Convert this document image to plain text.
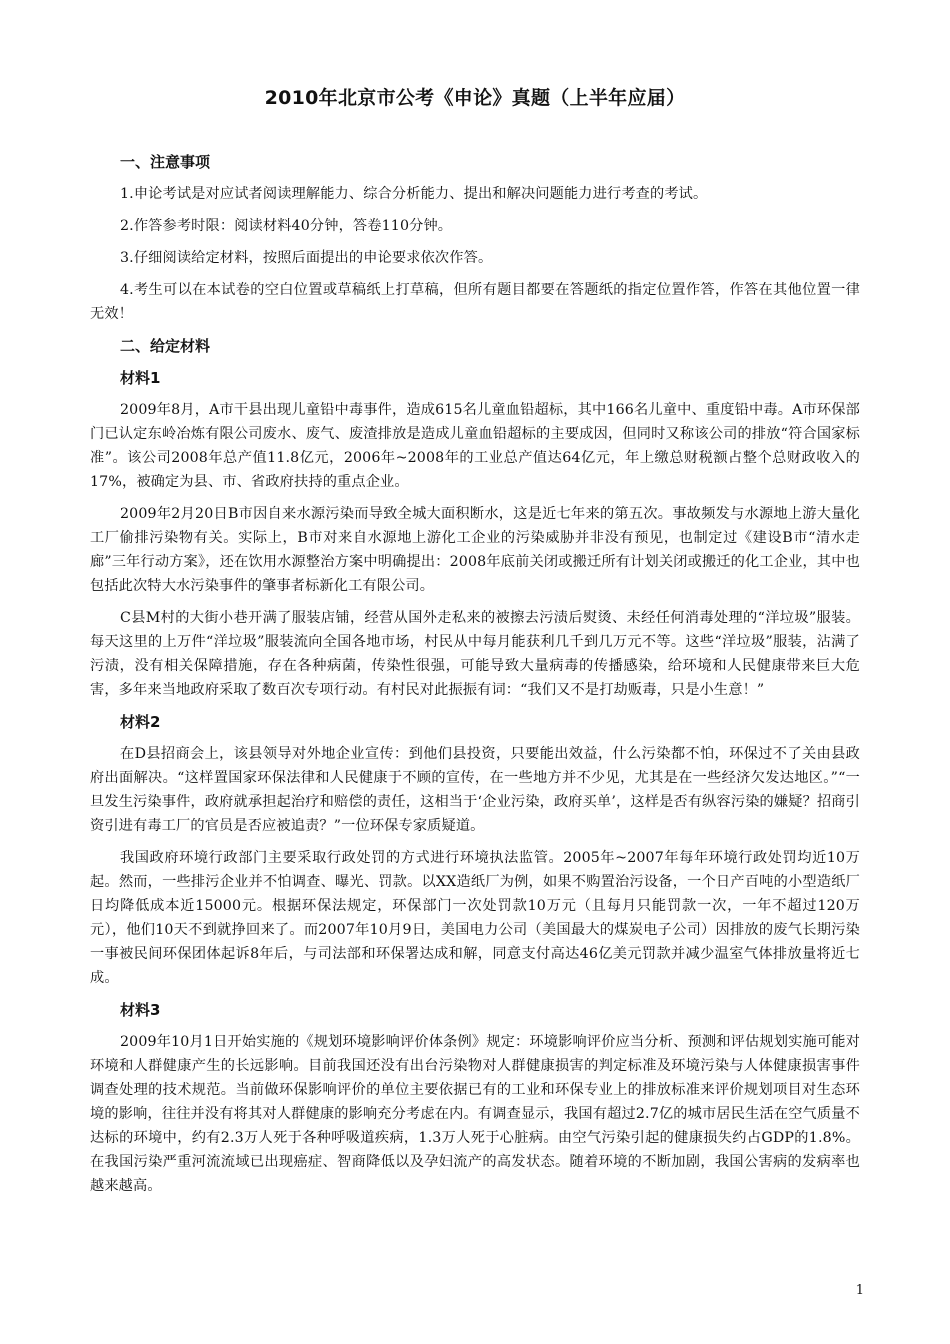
2010年北京市公考《申论》真题（上半年应届）
一、注意事项

1.申论考试是对应试者阅读理解能力、综合分析能力、提出和解决问题能力进行考查的考试。

2.作答参考时限：阅读材料40分钟，答卷110分钟。

3.仔细阅读给定材料，按照后面提出的申论要求依次作答。

4.考生可以在本试卷的空白位置或草稿纸上打草稿，但所有题目都要在答题纸的指定位置作答，作答在其他位置一律无效！

二、给定材料
材料1

2009年8月，A市干县出现儿童铅中毒事件，造成615名儿童血铅超标，其中166名儿童中、重度铅中毒。A市环保部门已认定东岭冶炼有限公司废水、废气、废渣排放是造成儿童血铅超标的主要成因，但同时又称该公司的排放“符合国家标准”。该公司2008年总产值11.8亿元，2006年~2008年的工业总产值达64亿元，年上缴总财税额占整个总财政收入的17%，被确定为县、市、省政府扶持的重点企业。

2009年2月20日B市因自来水源污染而导致全城大面积断水，这是近七年来的第五次。事故频发与水源地上游大量化工厂偷排污染物有关。实际上，B市对来自水源地上游化工企业的污染威胁并非没有预见，也制定过《建设B市“清水走廊”三年行动方案》，还在饮用水源整治方案中明确提出：2008年底前关闭或搬迁所有计划关闭或搬迁的化工企业，其中也包括此次特大水污染事件的肇事者标新化工有限公司。

C县M村的大街小巷开满了服装店铺，经营从国外走私来的被擦去污渍后熨烫、未经任何消毒处理的“洋垃圾”服装。每天这里的上万件“洋垃圾”服装流向全国各地市场，村民从中每月能获利几千到几万元不等。这些“洋垃圾”服装，沾满了污渍，没有相关保障措施，存在各种病菌，传染性很强，可能导致大量病毒的传播感染，给环境和人民健康带来巨大危害，多年来当地政府采取了数百次专项行动。有村民对此振振有词：“我们又不是打劫贩毒，只是小生意！”

材料2

在D县招商会上，该县领导对外地企业宣传：到他们县投资，只要能出效益，什么污染都不怕，环保过不了关由县政府出面解决。“这样置国家环保法律和人民健康于不顾的宣传，在一些地方并不少见，尤其是在一些经济欠发达地区。”“一旦发生污染事件，政府就承担起治疗和赔偿的责任，这相当于‘企业污染，政府买单’，这样是否有纵容污染的嫌疑？招商引资引进有毒工厂的官员是否应被追责？”一位环保专家质疑道。

我国政府环境行政部门主要采取行政处罚的方式进行环境执法监管。2005年~2007年每年环境行政处罚均近10万起。然而，一些排污企业并不怕调查、曝光、罚款。以XX造纸厂为例，如果不购置治污设备，一个日产百吨的小型造纸厂日均降低成本近15000元。根据环保法规定，环保部门一次处罚款10万元（且每月只能罚款一次，一年不超过120万元），他们10天不到就挣回来了。而2007年10月9日，美国电力公司（美国最大的煤炭电子公司）因排放的废气长期污染一事被民间环保团体起诉8年后，与司法部和环保署达成和解，同意支付高达46亿美元罚款并减少温室气体排放量将近七成。

材料3

2009年10月1日开始实施的《规划环境影响评价体条例》规定：环境影响评价应当分析、预测和评估规划实施可能对环境和人群健康产生的长远影响。目前我国还没有出台污染物对人群健康损害的判定标准及环境污染与人体健康损害事件调查处理的技术规范。当前做环保影响评价的单位主要依据已有的工业和环保专业上的排放标准来评价规划项目对生态环境的影响，往往并没有将其对人群健康的影响充分考虑在内。有调查显示，我国有超过2.7亿的城市居民生活在空气质量不达标的环境中，约有2.3万人死于各种呼吸道疾病，1.3万人死于心脏病。由空气污染引起的健康损失约占GDP的1.8%。在我国污染严重河流流域已出现癌症、智商降低以及孕妇流产的高发状态。随着环境的不断加剧，我国公害病的发病率也越来越高。

1
